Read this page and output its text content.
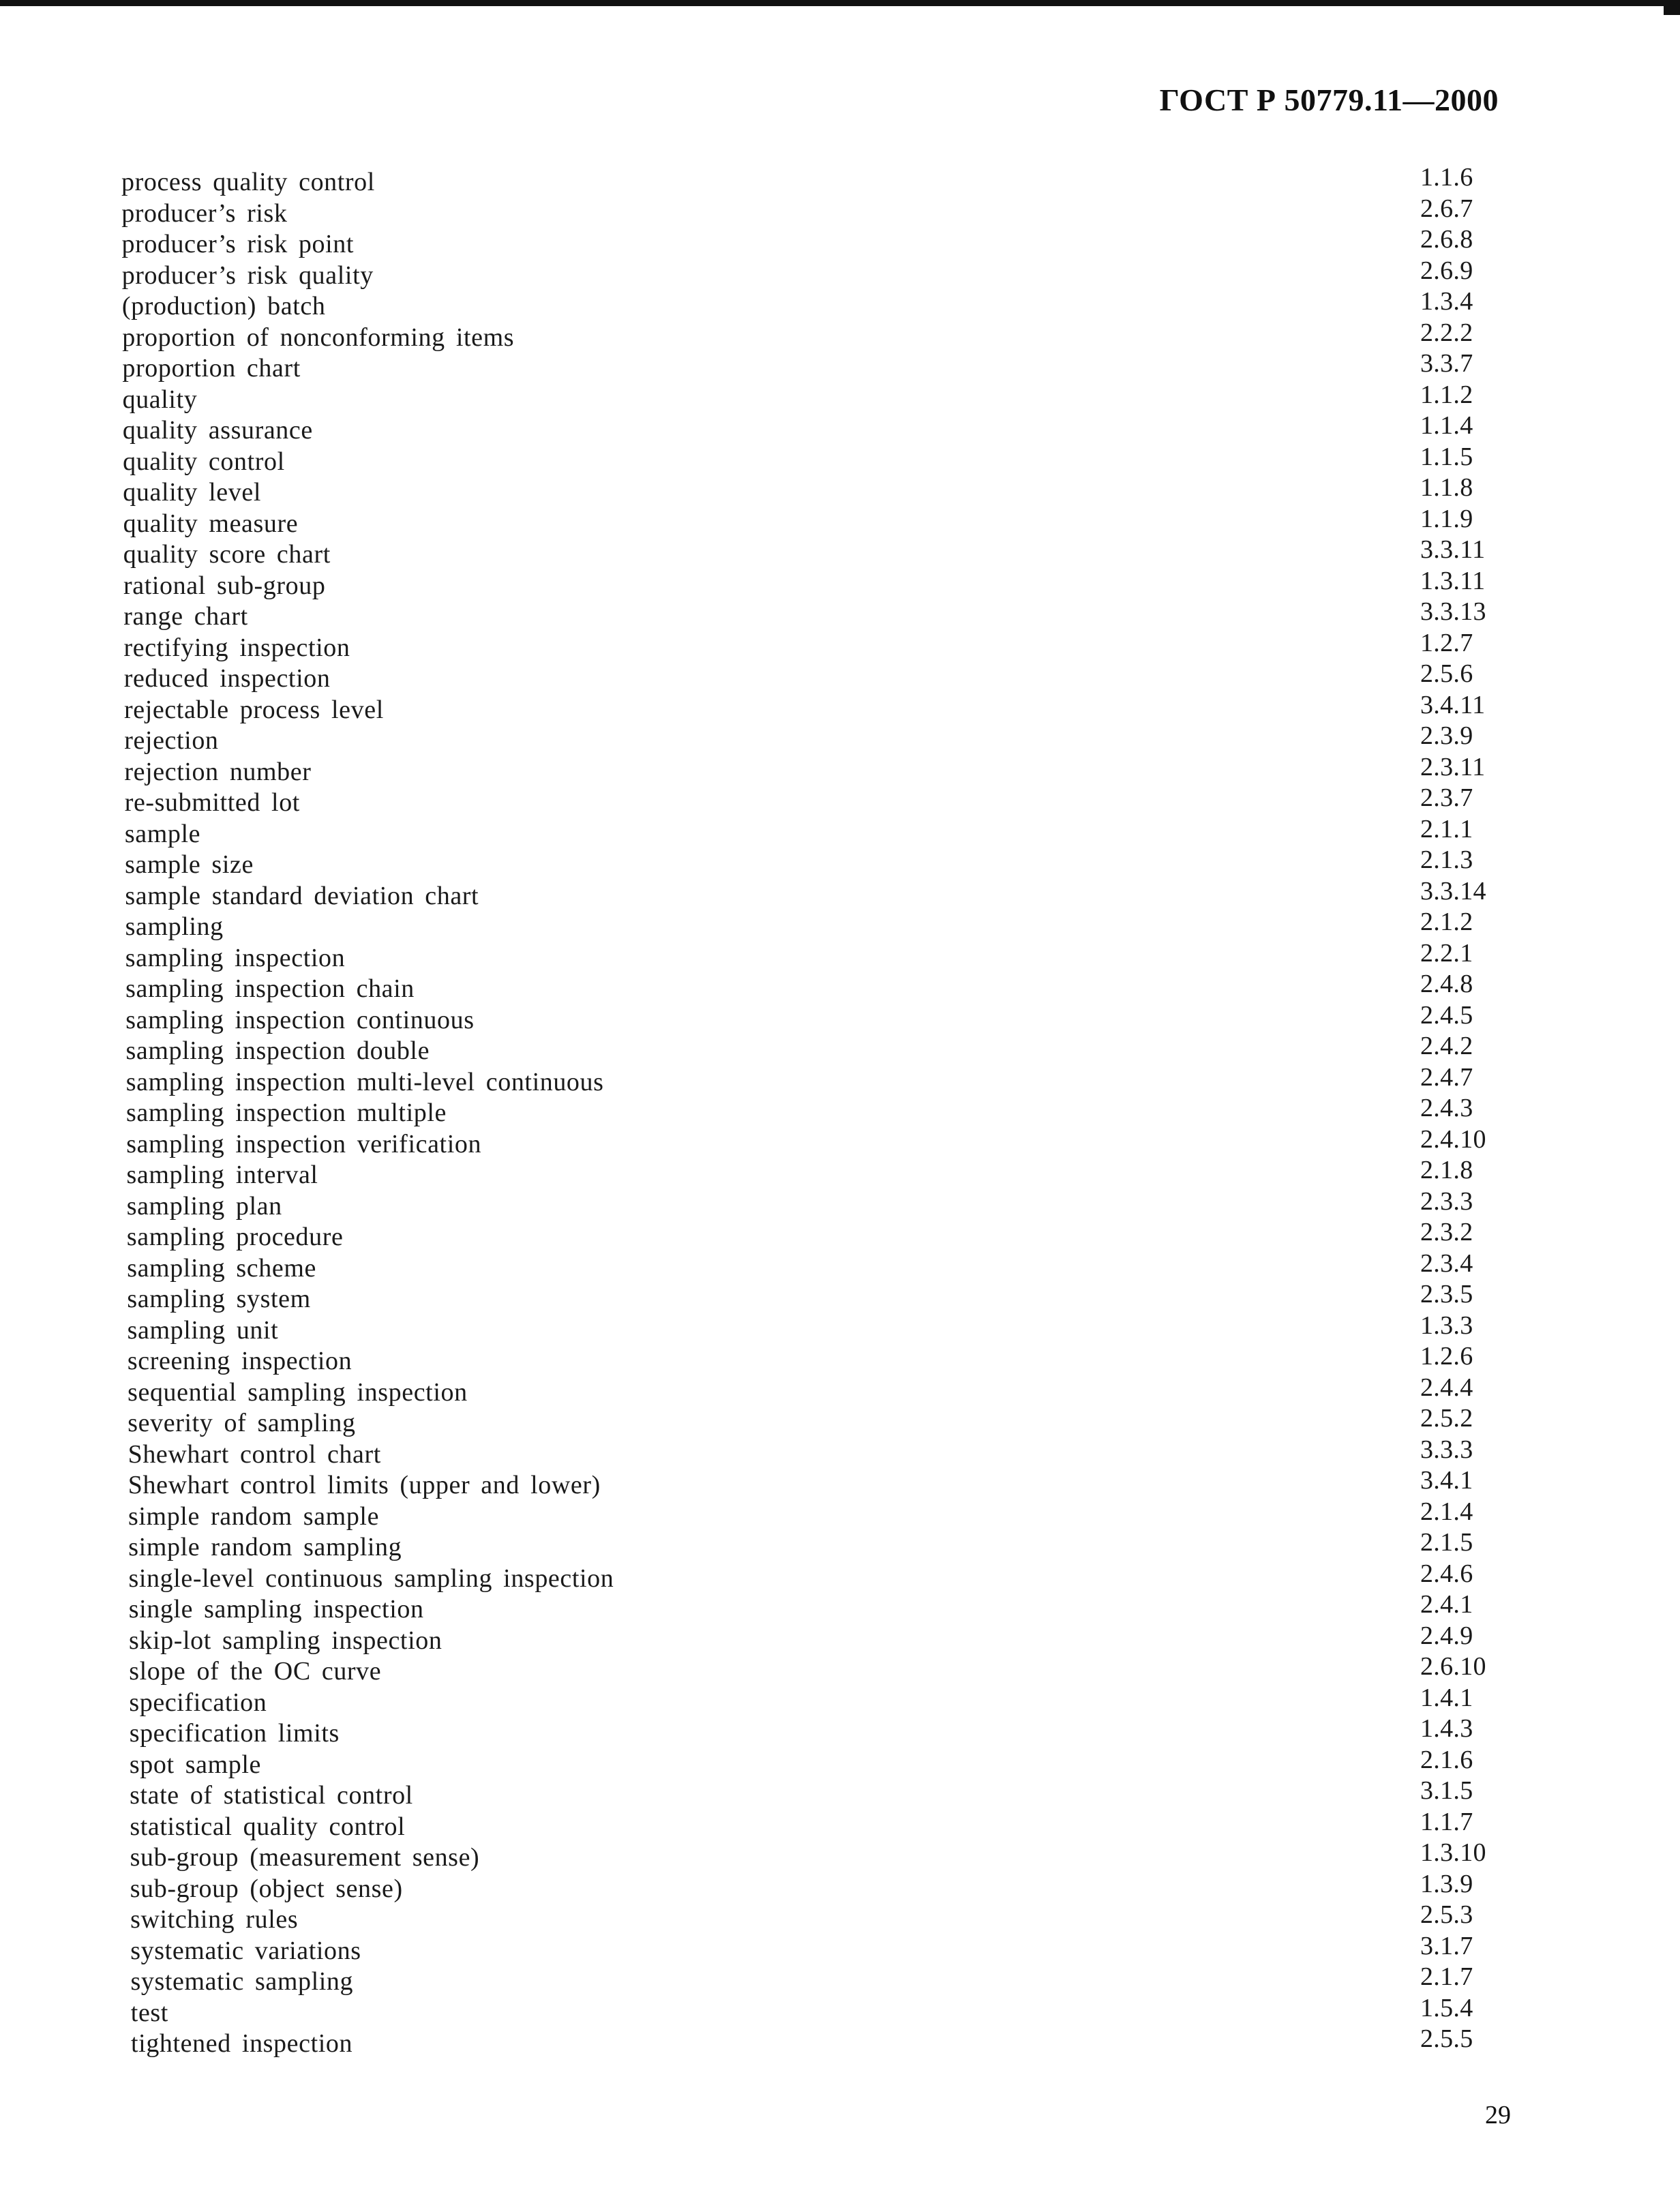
ГОСТ Р 50779.11—2000
process quality control	1.1.6
producer’s risk	2.6.7
producer’s risk point	2.6.8
producer’s risk quality	2.6.9
(production) batch	1.3.4
proportion of nonconforming items	2.2.2
proportion chart	3.3.7
quality	1.1.2
quality assurance	1.1.4
quality control	1.1.5
quality level	1.1.8
quality measure	1.1.9
quality score chart	3.3.11
rational sub-group	1.3.11
range chart	3.3.13
rectifying inspection	1.2.7
reduced inspection	2.5.6
rejectable process level	3.4.11
rejection	2.3.9
rejection number	2.3.11
re-submitted lot	2.3.7
sample	2.1.1
sample size	2.1.3
sample standard deviation chart	3.3.14
sampling	2.1.2
sampling inspection	2.2.1
sampling inspection chain	2.4.8
sampling inspection continuous	2.4.5
sampling inspection double	2.4.2
sampling inspection multi-level continuous	2.4.7
sampling inspection multiple	2.4.3
sampling inspection verification	2.4.10
sampling interval	2.1.8
sampling plan	2.3.3
sampling procedure	2.3.2
sampling scheme	2.3.4
sampling system	2.3.5
sampling unit	1.3.3
screening inspection	1.2.6
sequential sampling inspection	2.4.4
severity of sampling	2.5.2
Shewhart control chart	3.3.3
Shewhart control limits (upper and lower)	3.4.1
simple random sample	2.1.4
simple random sampling	2.1.5
single-level continuous sampling inspection	2.4.6
single sampling inspection	2.4.1
skip-lot sampling inspection	2.4.9
slope of the OC curve	2.6.10
specification	1.4.1
specification limits	1.4.3
spot sample	2.1.6
state of statistical control	3.1.5
statistical quality control	1.1.7
sub-group (measurement sense)	1.3.10
sub-group (object sense)	1.3.9
switching rules	2.5.3
systematic variations	3.1.7
systematic sampling	2.1.7
test	1.5.4
tightened inspection	2.5.5
29
